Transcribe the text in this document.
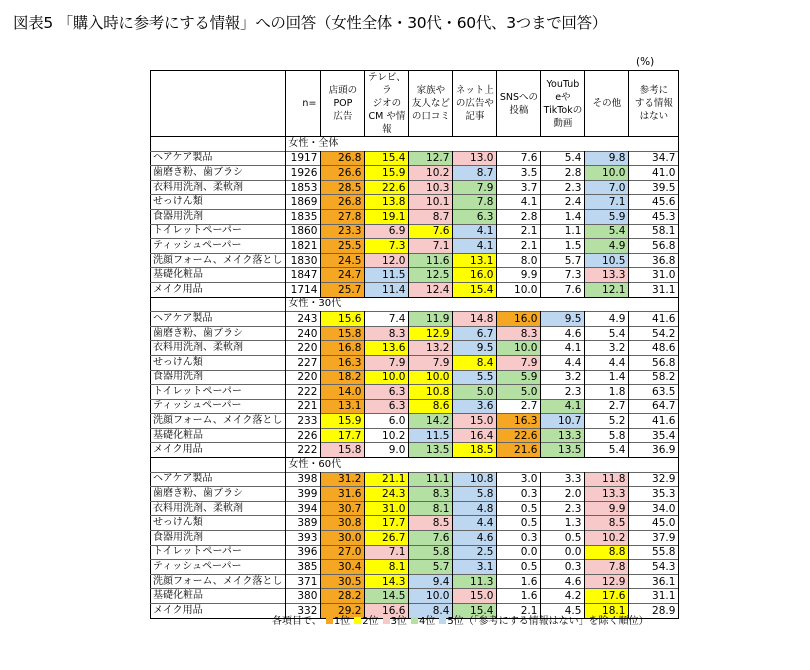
図表5 「購入時に参考にする情報」への回答（女性全体・30代・60代、3つまで回答）
(%)
	n=	店頭の
POP
広告	テレビ、ラ
ジオの
CM や情
報	家族や
友人など
の口コミ	ネット上
の広告や
記事	SNSへの
投稿	YouTub
eや
TikTokの
動画	その他	参考に
する情報
はない
	女性・全体								
ヘアケア製品	1917	26.8	15.4	12.7	13.0	7.6	5.4	9.8	34.7
歯磨き粉、歯ブラシ	1926	26.6	15.9	10.2	8.7	3.5	2.8	10.0	41.0
衣料用洗剤、柔軟剤	1853	28.5	22.6	10.3	7.9	3.7	2.3	7.0	39.5
せっけん類	1869	26.8	13.8	10.1	7.8	4.1	2.4	7.1	45.6
食器用洗剤	1835	27.8	19.1	8.7	6.3	2.8	1.4	5.9	45.3
トイレットペーパー	1860	23.3	6.9	7.6	4.1	2.1	1.1	5.4	58.1
ティッシュペーパー	1821	25.5	7.3	7.1	4.1	2.1	1.5	4.9	56.8
洗顔フォーム、メイク落とし	1830	24.5	12.0	11.6	13.1	8.0	5.7	10.5	36.8
基礎化粧品	1847	24.7	11.5	12.5	16.0	9.9	7.3	13.3	31.0
メイク用品	1714	25.7	11.4	12.4	15.4	10.0	7.6	12.1	31.1
	女性・30代								
ヘアケア製品	243	15.6	7.4	11.9	14.8	16.0	9.5	4.9	41.6
歯磨き粉、歯ブラシ	240	15.8	8.3	12.9	6.7	8.3	4.6	5.4	54.2
衣料用洗剤、柔軟剤	220	16.8	13.6	13.2	9.5	10.0	4.1	3.2	48.6
せっけん類	227	16.3	7.9	7.9	8.4	7.9	4.4	4.4	56.8
食器用洗剤	220	18.2	10.0	10.0	5.5	5.9	3.2	1.4	58.2
トイレットペーパー	222	14.0	6.3	10.8	5.0	5.0	2.3	1.8	63.5
ティッシュペーパー	221	13.1	6.3	8.6	3.6	2.7	4.1	2.7	64.7
洗顔フォーム、メイク落とし	233	15.9	6.0	14.2	15.0	16.3	10.7	5.2	41.6
基礎化粧品	226	17.7	10.2	11.5	16.4	22.6	13.3	5.8	35.4
メイク用品	222	15.8	9.0	13.5	18.5	21.6	13.5	5.4	36.9
	女性・60代								
ヘアケア製品	398	31.2	21.1	11.1	10.8	3.0	3.3	11.8	32.9
歯磨き粉、歯ブラシ	399	31.6	24.3	8.3	5.8	0.3	2.0	13.3	35.3
衣料用洗剤、柔軟剤	394	30.7	31.0	8.1	4.8	0.5	2.3	9.9	34.0
せっけん類	389	30.8	17.7	8.5	4.4	0.5	1.3	8.5	45.0
食器用洗剤	393	30.0	26.7	7.6	4.6	0.3	0.5	10.2	37.9
トイレットペーパー	396	27.0	7.1	5.8	2.5	0.0	0.0	8.8	55.8
ティッシュペーパー	385	30.4	8.1	5.7	3.1	0.5	0.3	7.8	54.3
洗顔フォーム、メイク落とし	371	30.5	14.3	9.4	11.3	1.6	4.6	12.9	36.1
基礎化粧品	380	28.2	14.5	10.0	15.0	1.6	4.2	17.6	31.1
メイク用品	332	29.2	16.6	8.4	15.4	2.1	4.5	18.1	28.9
各項目で、 1位 2位 3位 4位 5位（「参考にする情報はない」を除く順位）
